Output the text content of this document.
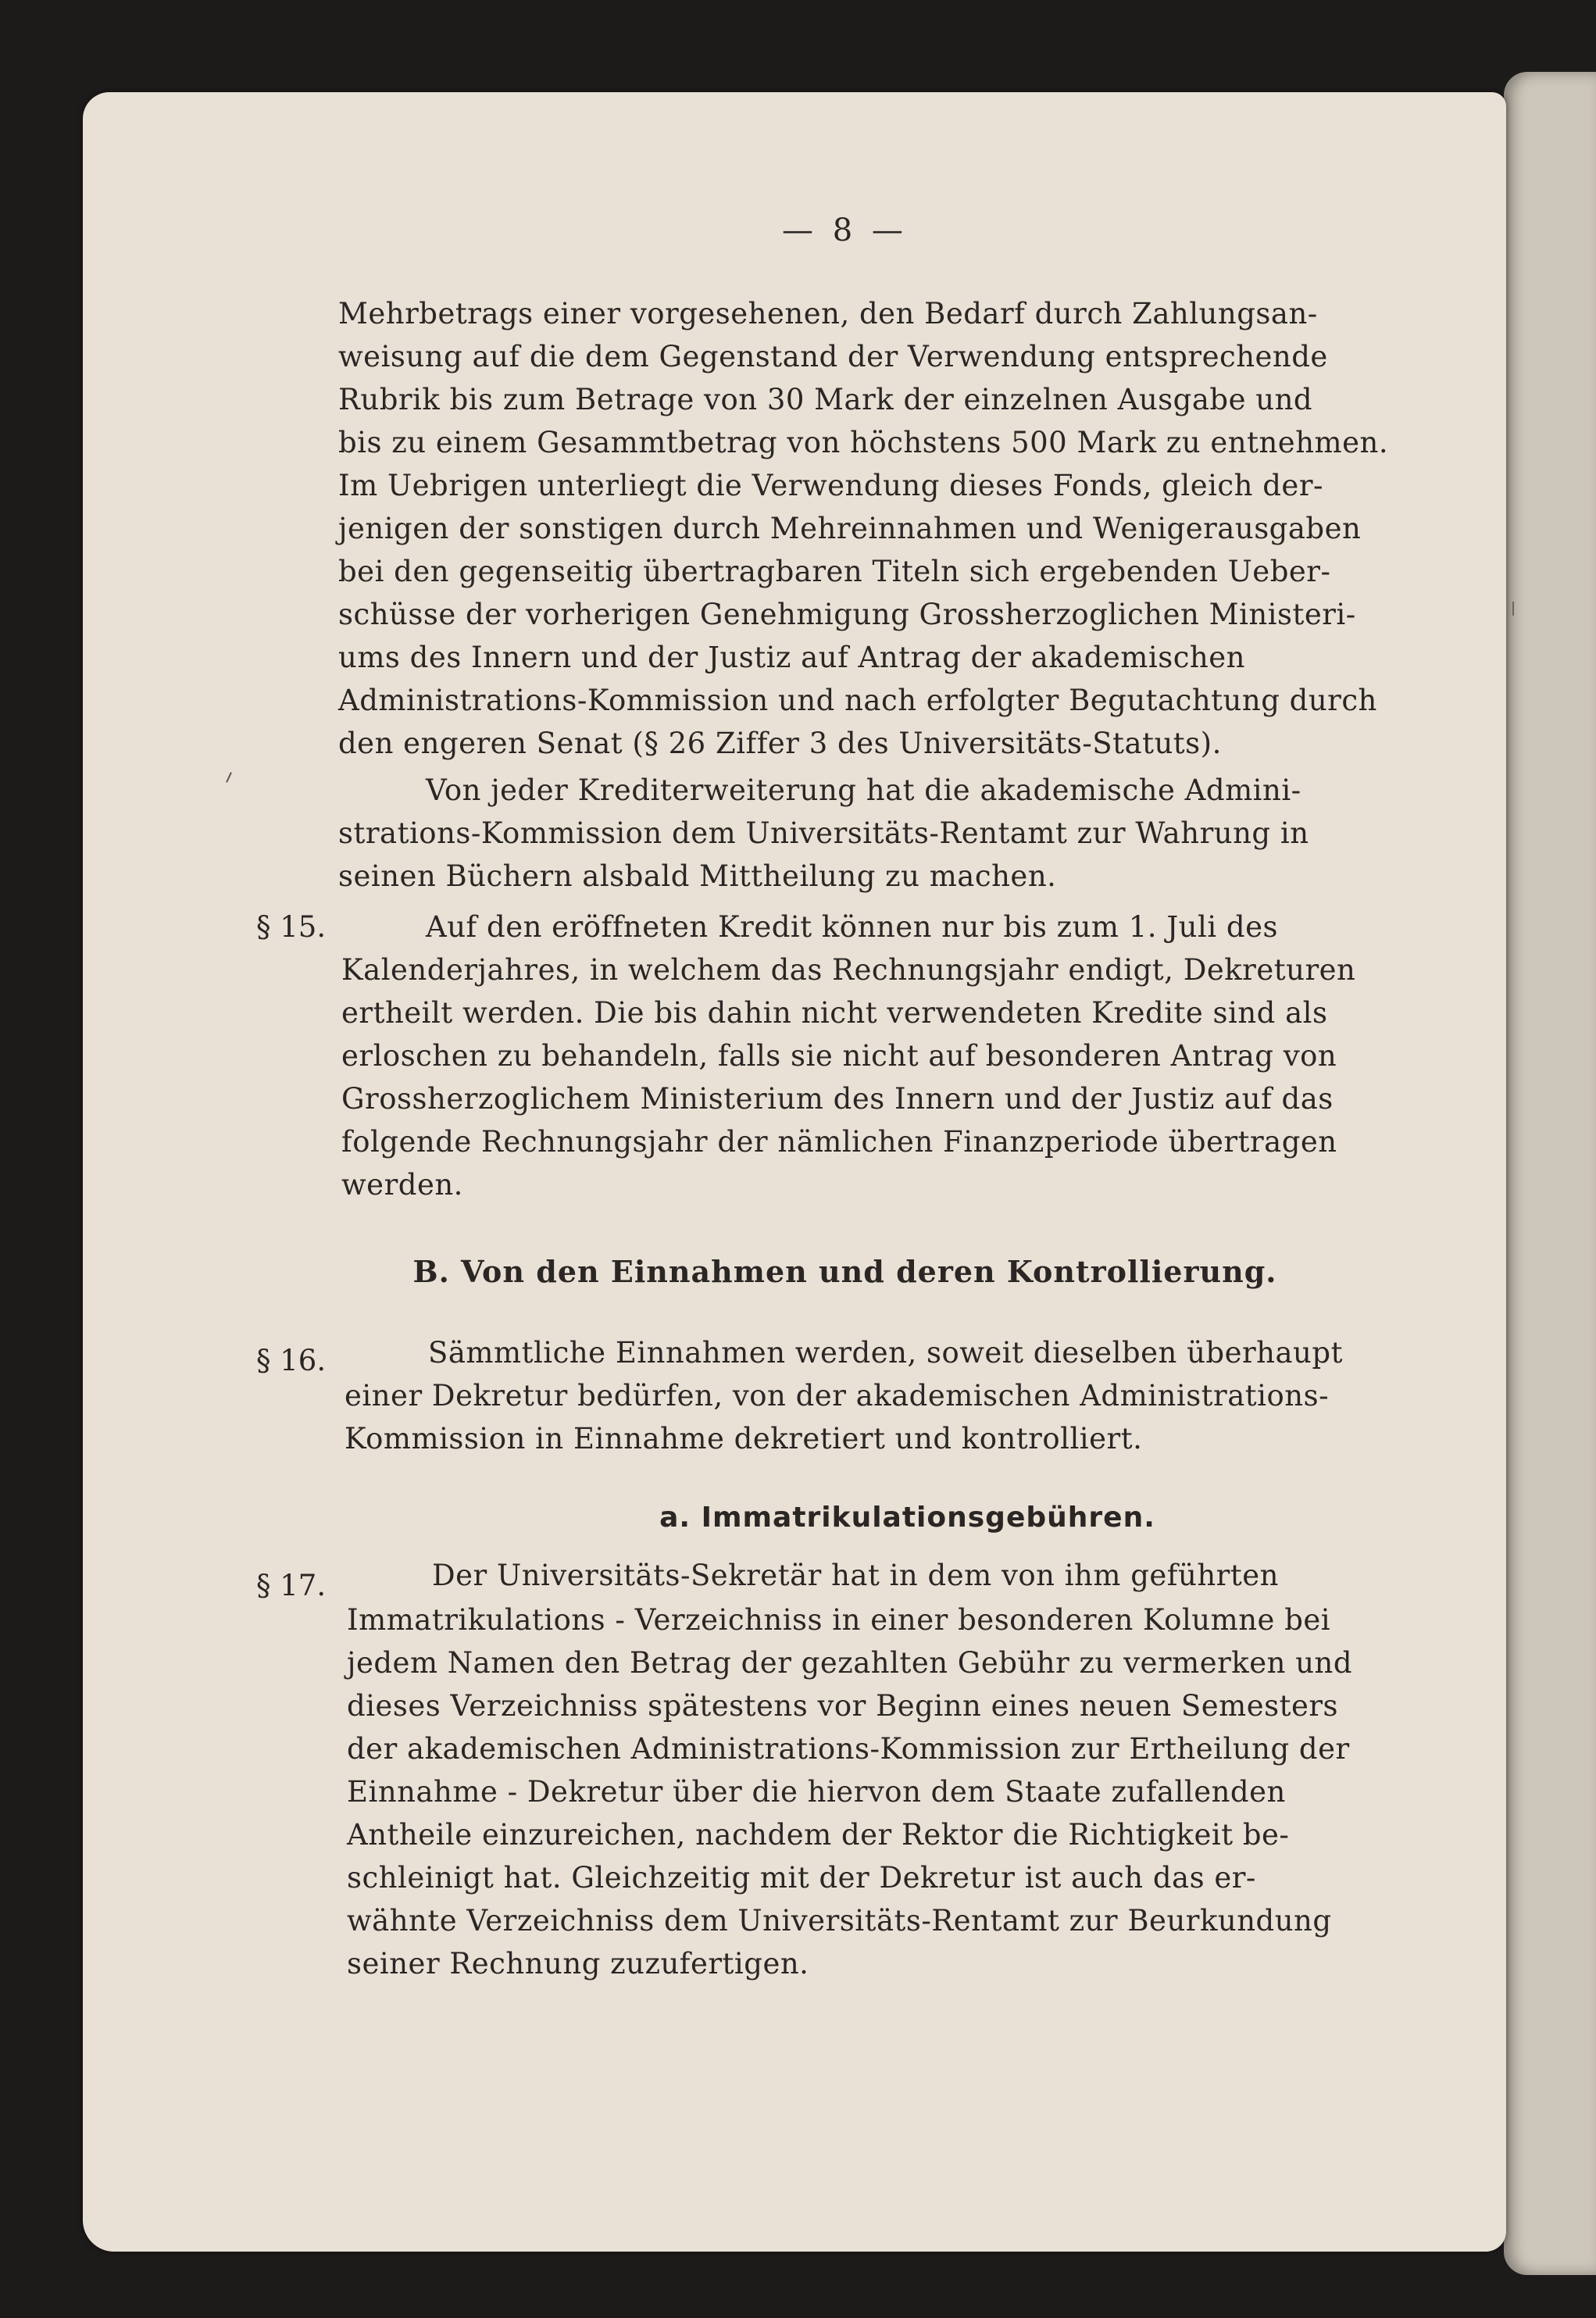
— 8 —
Mehrbetrags einer vorgesehenen, den Bedarf durch Zahlungsan-
weisung auf die dem Gegenstand der Verwendung entsprechende
Rubrik bis zum Betrage von 30 Mark der einzelnen Ausgabe und
bis zu einem Gesammtbetrag von höchstens 500 Mark zu entnehmen.
Im Uebrigen unterliegt die Verwendung dieses Fonds, gleich der-
jenigen der sonstigen durch Mehreinnahmen und Wenigerausgaben
bei den gegenseitig übertragbaren Titeln sich ergebenden Ueber-
schüsse der vorherigen Genehmigung Grossherzoglichen Ministeri-
ums des Innern und der Justiz auf Antrag der akademischen
Administrations-Kommission und nach erfolgter Begutachtung durch
den engeren Senat (§ 26 Ziffer 3 des Universitäts-Statuts).
Von jeder Krediterweiterung hat die akademische Admini-
strations-Kommission dem Universitäts-Rentamt zur Wahrung in
seinen Büchern alsbald Mittheilung zu machen.
§ 15.	Auf den eröffneten Kredit können nur bis zum 1. Juli des
Kalenderjahres, in welchem das Rechnungsjahr endigt, Dekreturen
ertheilt werden. Die bis dahin nicht verwendeten Kredite sind als
erloschen zu behandeln, falls sie nicht auf besonderen Antrag von
Grossherzoglichem Ministerium des Innern und der Justiz auf das
folgende Rechnungsjahr der nämlichen Finanzperiode übertragen
werden.
B. Von den Einnahmen und deren Kontrollierung.
§ 16.	Sämmtliche Einnahmen werden, soweit dieselben überhaupt
einer Dekretur bedürfen, von der akademischen Administrations-
Kommission in Einnahme dekretiert und kontrolliert.
a. Immatrikulationsgebühren.
§ 17.	Der Universitäts-Sekretär hat in dem von ihm geführten
Immatrikulations - Verzeichniss in einer besonderen Kolumne bei
jedem Namen den Betrag der gezahlten Gebühr zu vermerken und
dieses Verzeichniss spätestens vor Beginn eines neuen Semesters
der akademischen Administrations-Kommission zur Ertheilung der
Einnahme - Dekretur über die hiervon dem Staate zufallenden
Antheile einzureichen, nachdem der Rektor die Richtigkeit be-
schleinigt hat. Gleichzeitig mit der Dekretur ist auch das er-
wähnte Verzeichniss dem Universitäts-Rentamt zur Beurkundung
seiner Rechnung zuzufertigen.
